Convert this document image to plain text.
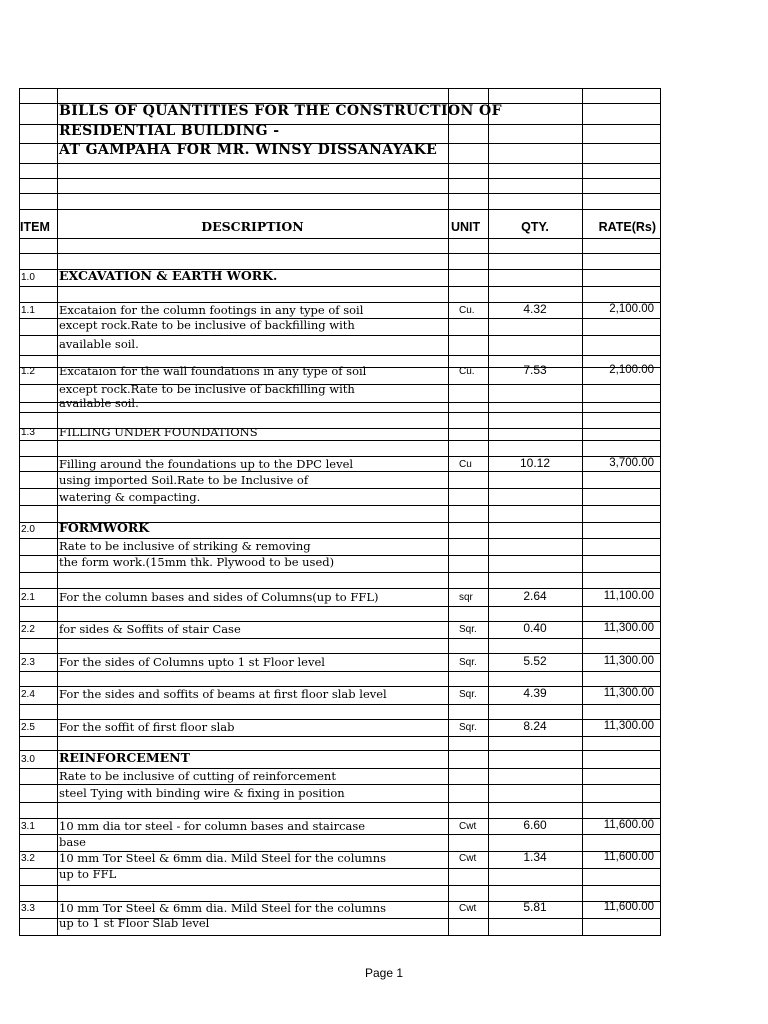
BILLS OF QUANTITIES FOR THE CONSTRUCTION OF
RESIDENTIAL BUILDING -
AT GAMPAHA FOR MR. WINSY DISSANAYAKE
ITEM	DESCRIPTION	UNIT	QTY.	RATE(Rs)
1.0 EXCAVATION & EARTH WORK.
1.1 Excataion for the column footings in any type of soil	Cu.	4.32	2,100.00
except rock.Rate to be inclusive of backfilling with
available soil.
1.2 Excataion for the wall foundations in any type of soil	Cu.	7.53	2,100.00
except rock.Rate to be inclusive of backfilling with
available soil.
1.3 FILLING UNDER FOUNDATIONS
Filling around the foundations up to the DPC level	Cu	10.12	3,700.00
using imported Soil.Rate to be Inclusive of
watering & compacting.
2.0 FORMWORK
Rate to be inclusive of striking & removing
the form work.(15mm thk. Plywood to be used)
2.1 For the column bases and sides of Columns(up to FFL)	sqr	2.64	11,100.00
2.2 for sides & Soffits of stair Case	Sqr.	0.40	11,300.00
2.3 For the sides of Columns upto 1 st Floor level	Sqr.	5.52	11,300.00
2.4 For the sides and soffits of beams at first floor slab level	Sqr.	4.39	11,300.00
2.5 For the soffit of first floor slab	Sqr.	8.24	11,300.00
3.0 REINFORCEMENT
Rate to be inclusive of cutting of reinforcement
steel Tying with binding wire & fixing in position
3.1 10 mm dia tor steel - for column bases and staircase	Cwt	6.60	11,600.00
base
3.2 10 mm Tor Steel & 6mm dia. Mild Steel for the columns	Cwt	1.34	11,600.00
up to FFL
3.3 10 mm Tor Steel & 6mm dia. Mild Steel for the columns	Cwt	5.81	11,600.00
up to 1 st Floor Slab level
Page 1
